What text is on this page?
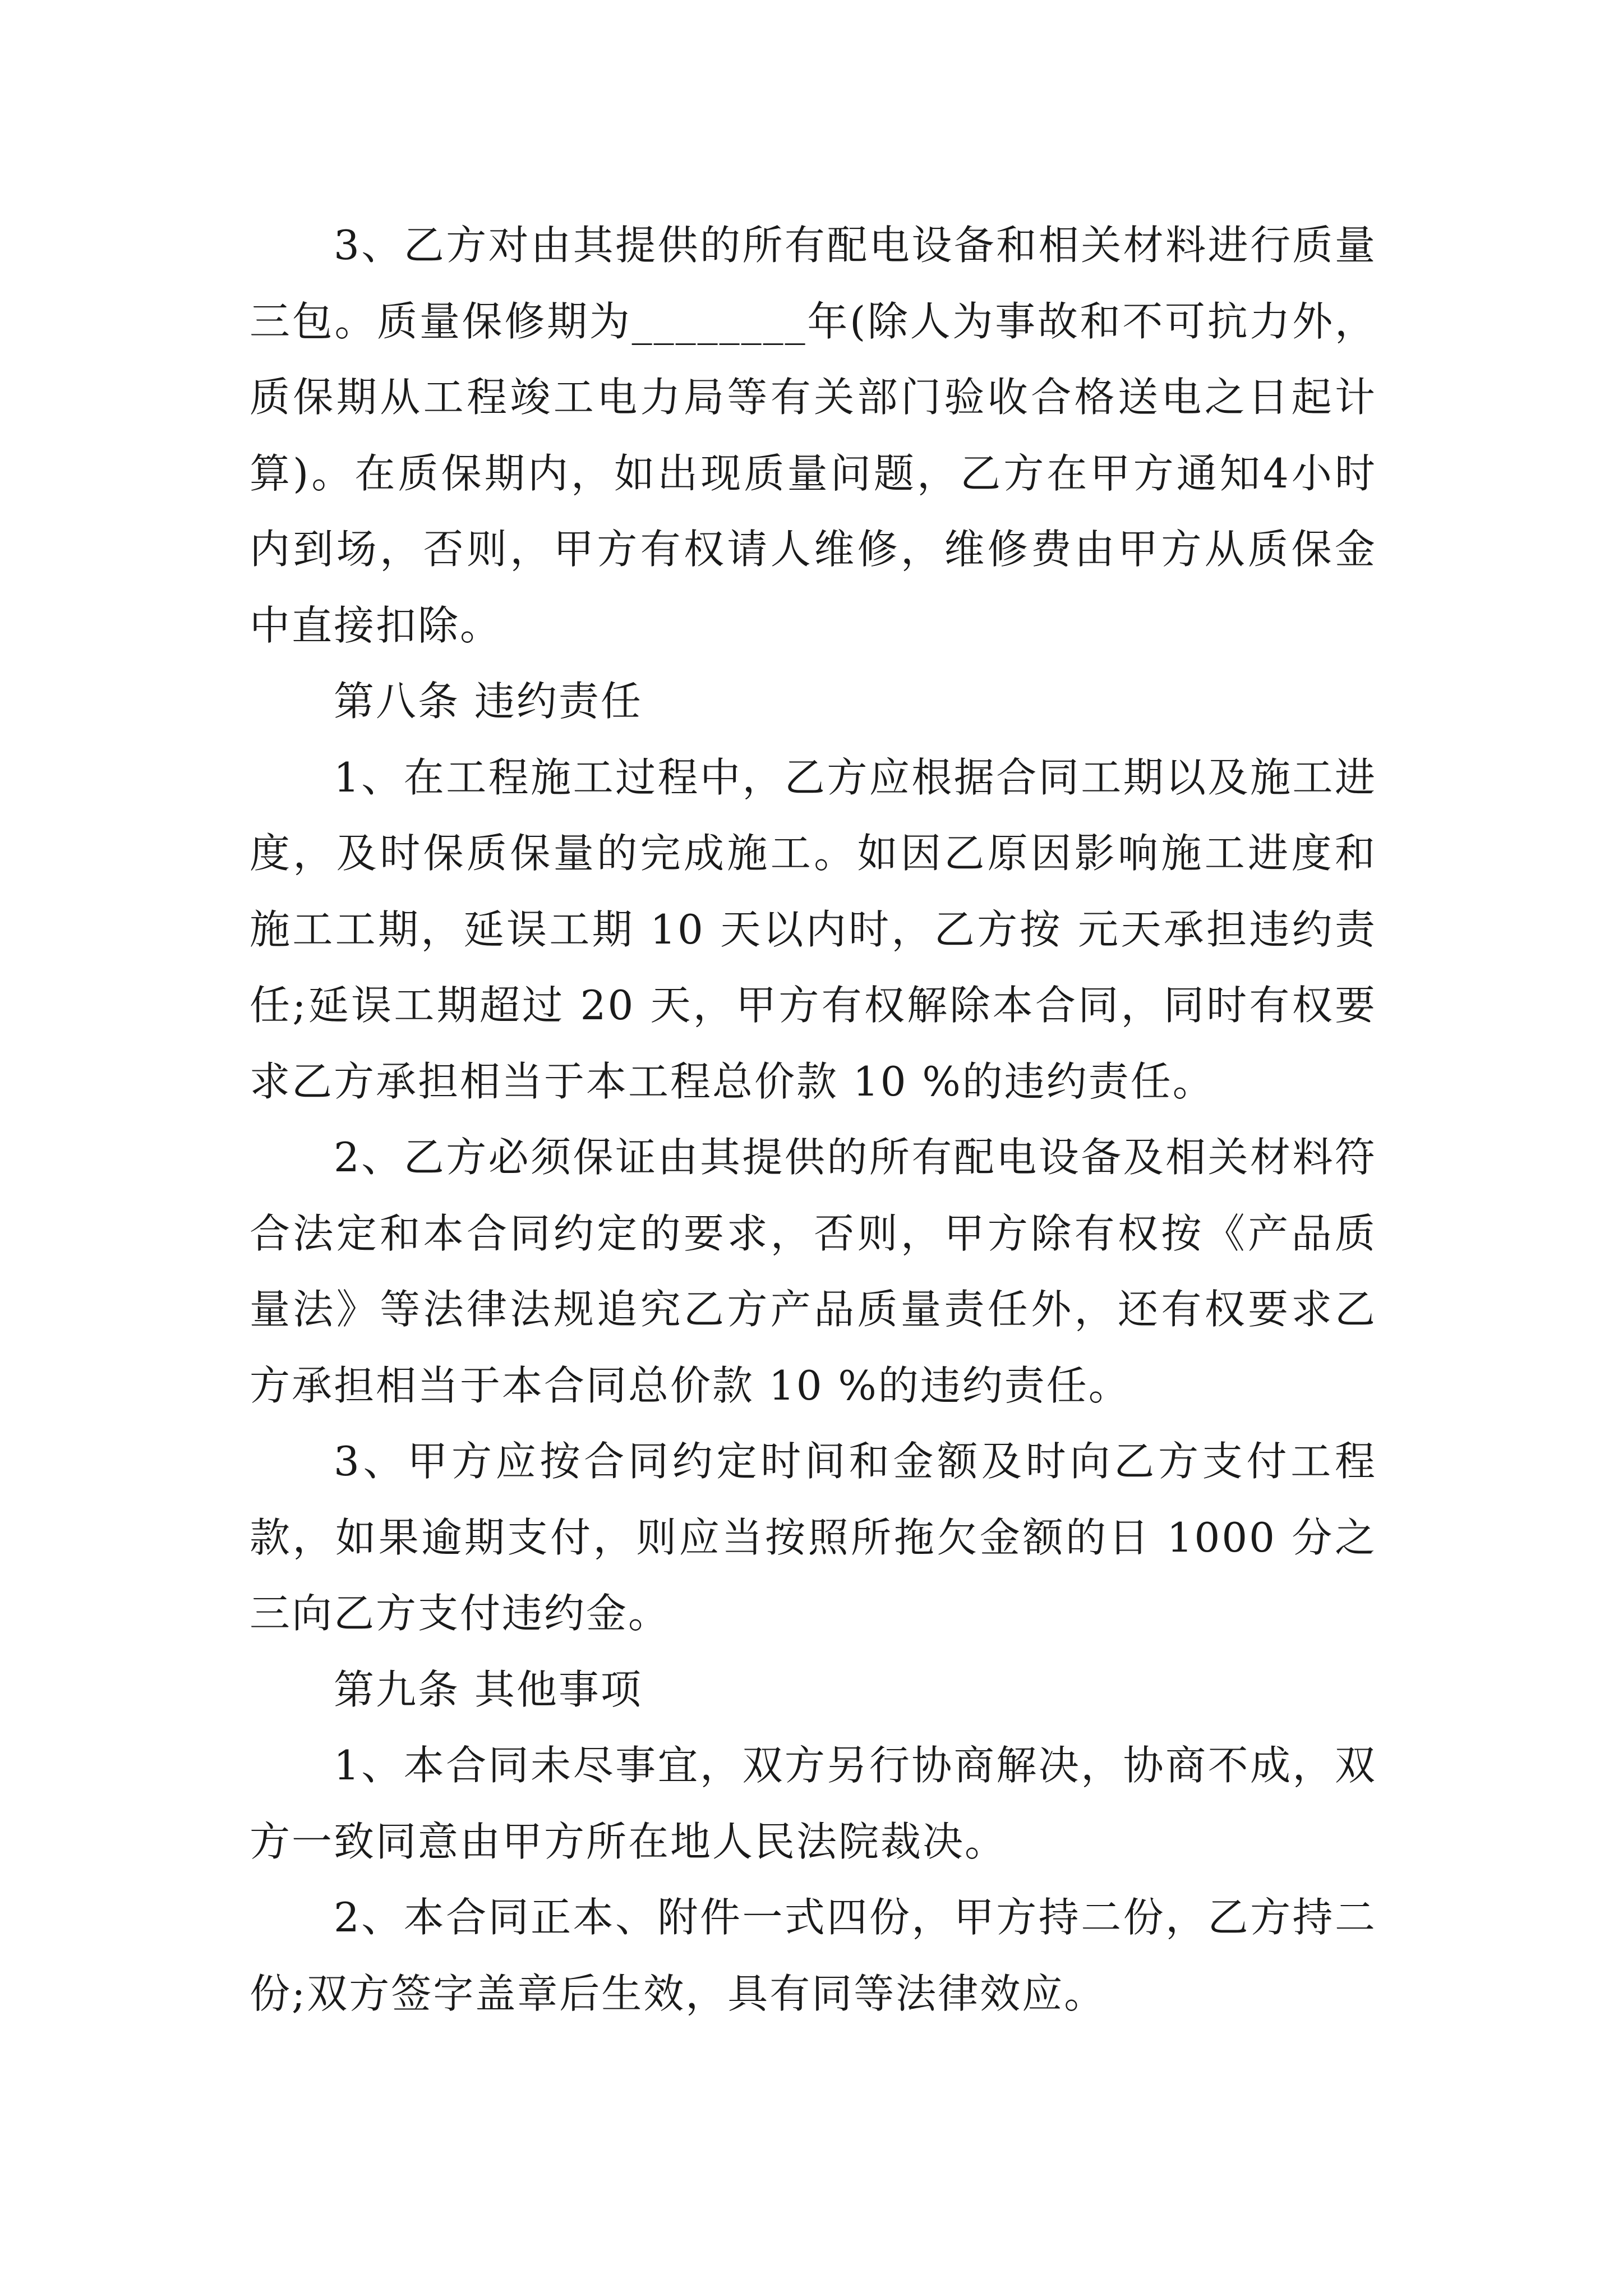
3、乙方对由其提供的所有配电设备和相关材料进行质量三包。质量保修期为________年(除人为事故和不可抗力外，质保期从工程竣工电力局等有关部门验收合格送电之日起计算)。在质保期内，如出现质量问题，乙方在甲方通知4小时内到场，否则，甲方有权请人维修，维修费由甲方从质保金中直接扣除。

第八条 违约责任

1、在工程施工过程中，乙方应根据合同工期以及施工进度，及时保质保量的完成施工。如因乙原因影响施工进度和施工工期，延误工期 10 天以内时，乙方按 元天承担违约责任;延误工期超过 20 天，甲方有权解除本合同，同时有权要求乙方承担相当于本工程总价款 10 %的违约责任。

2、乙方必须保证由其提供的所有配电设备及相关材料符合法定和本合同约定的要求，否则，甲方除有权按《产品质量法》等法律法规追究乙方产品质量责任外，还有权要求乙方承担相当于本合同总价款 10 %的违约责任。

3、甲方应按合同约定时间和金额及时向乙方支付工程款，如果逾期支付，则应当按照所拖欠金额的日 1000 分之三向乙方支付违约金。

第九条 其他事项

1、本合同未尽事宜，双方另行协商解决，协商不成，双方一致同意由甲方所在地人民法院裁决。

2、本合同正本、附件一式四份，甲方持二份，乙方持二份;双方签字盖章后生效，具有同等法律效应。
